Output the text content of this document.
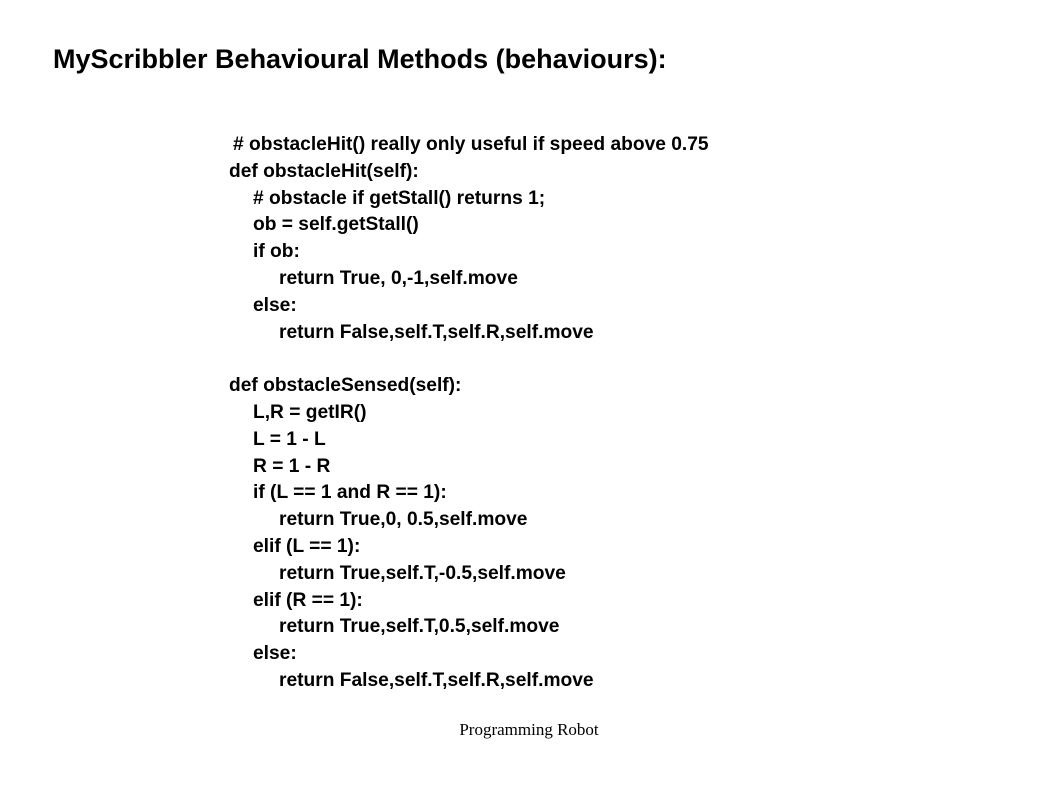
MyScribbler Behavioural Methods (behaviours):
# obstacleHit() really only useful if speed above 0.75
def obstacleHit(self):
# obstacle if getStall() returns 1;
ob = self.getStall()
if ob:
return True, 0,-1,self.move
else:
return False,self.T,self.R,self.move
def obstacleSensed(self):
L,R = getIR()
L = 1 - L
R = 1 - R
if (L == 1 and R == 1):
return True,0, 0.5,self.move
elif (L == 1):
return True,self.T,-0.5,self.move
elif (R == 1):
return True,self.T,0.5,self.move
else:
return False,self.T,self.R,self.move
Programming Robot
